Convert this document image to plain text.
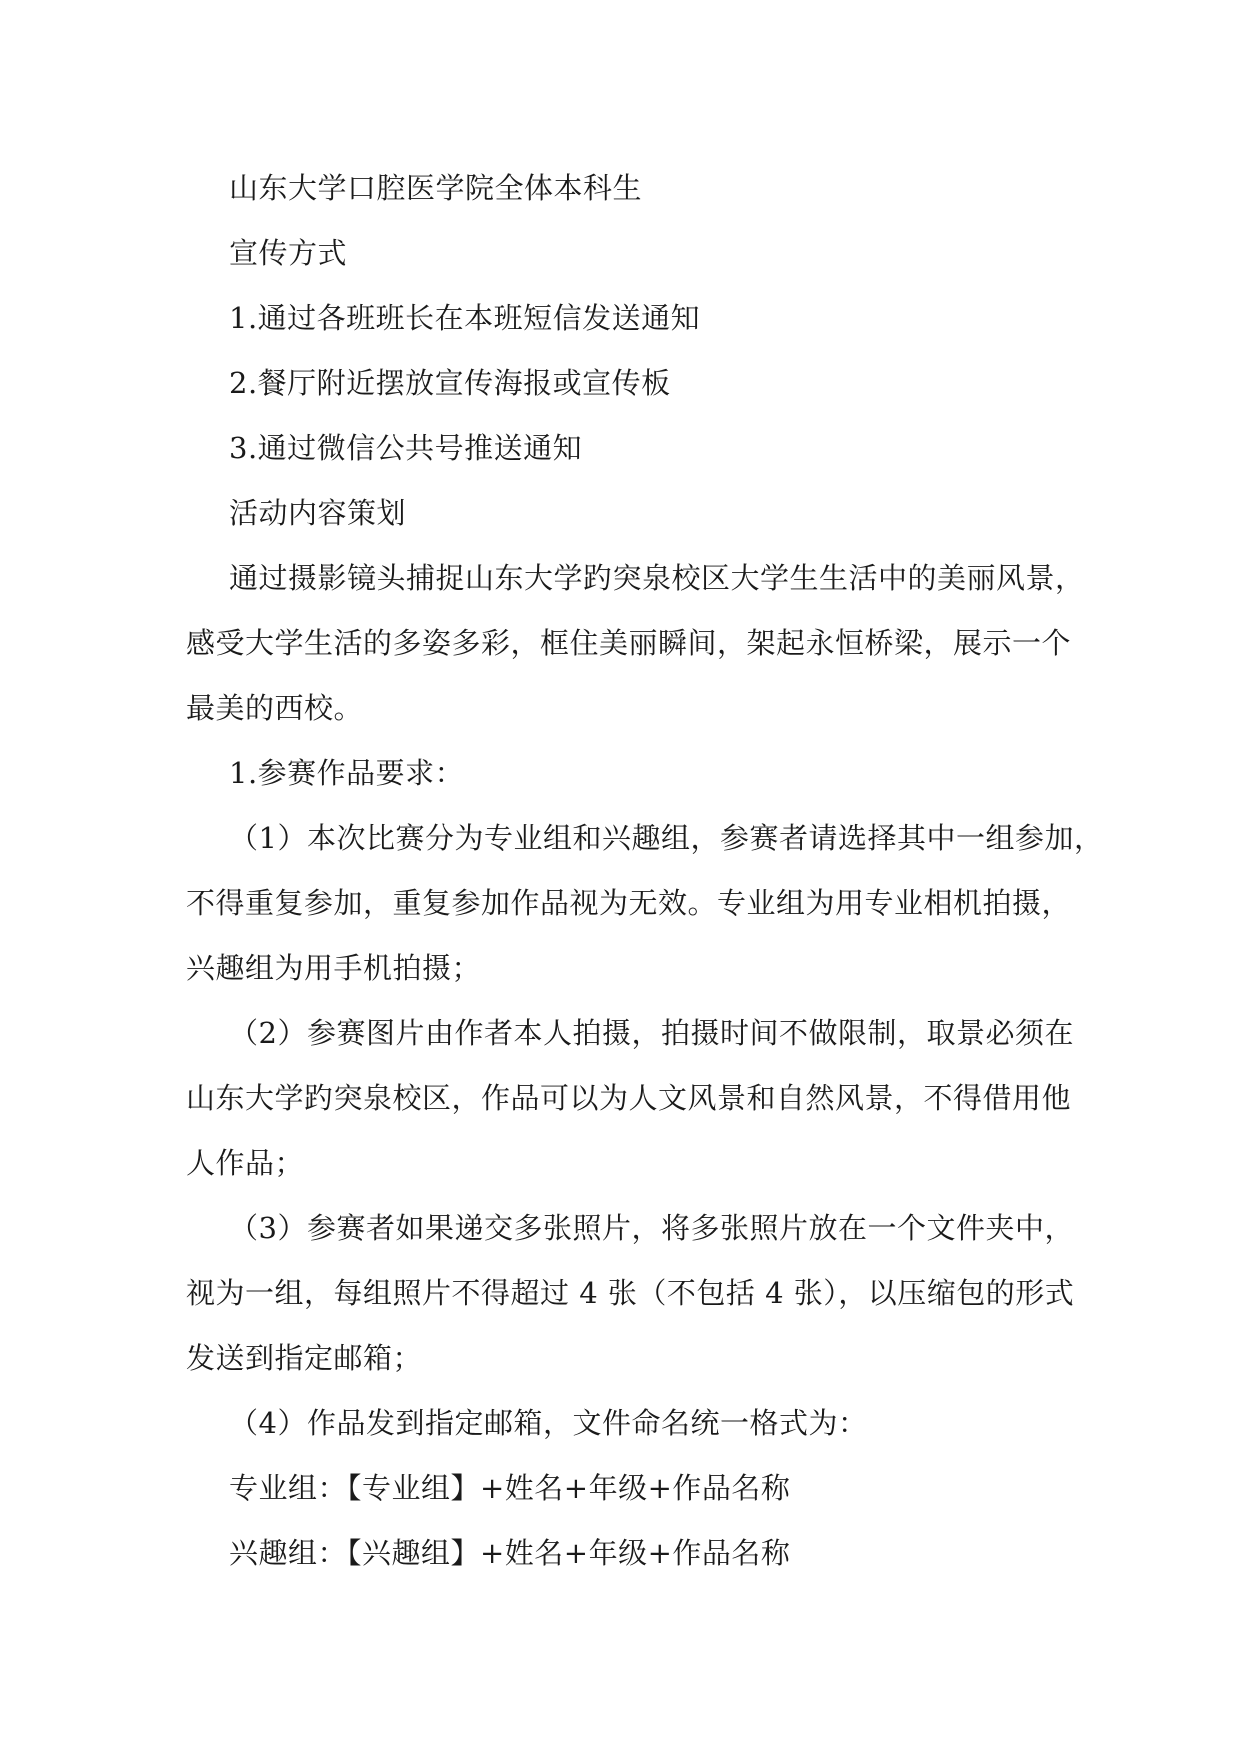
山东大学口腔医学院全体本科生
宣传方式
1.通过各班班长在本班短信发送通知
2.餐厅附近摆放宣传海报或宣传板
3.通过微信公共号推送通知
活动内容策划
通过摄影镜头捕捉山东大学趵突泉校区大学生生活中的美丽风景，
感受大学生活的多姿多彩，框住美丽瞬间，架起永恒桥梁，展示一个
最美的西校。
1.参赛作品要求：
（1）本次比赛分为专业组和兴趣组，参赛者请选择其中一组参加，
不得重复参加，重复参加作品视为无效。专业组为用专业相机拍摄，
兴趣组为用手机拍摄；
（2）参赛图片由作者本人拍摄，拍摄时间不做限制，取景必须在
山东大学趵突泉校区，作品可以为人文风景和自然风景，不得借用他
人作品；
（3）参赛者如果递交多张照片，将多张照片放在一个文件夹中，
视为一组，每组照片不得超过 4 张（不包括 4 张），以压缩包的形式
发送到指定邮箱；
（4）作品发到指定邮箱，文件命名统一格式为：
专业组：【专业组】+姓名+年级+作品名称
兴趣组：【兴趣组】+姓名+年级+作品名称
